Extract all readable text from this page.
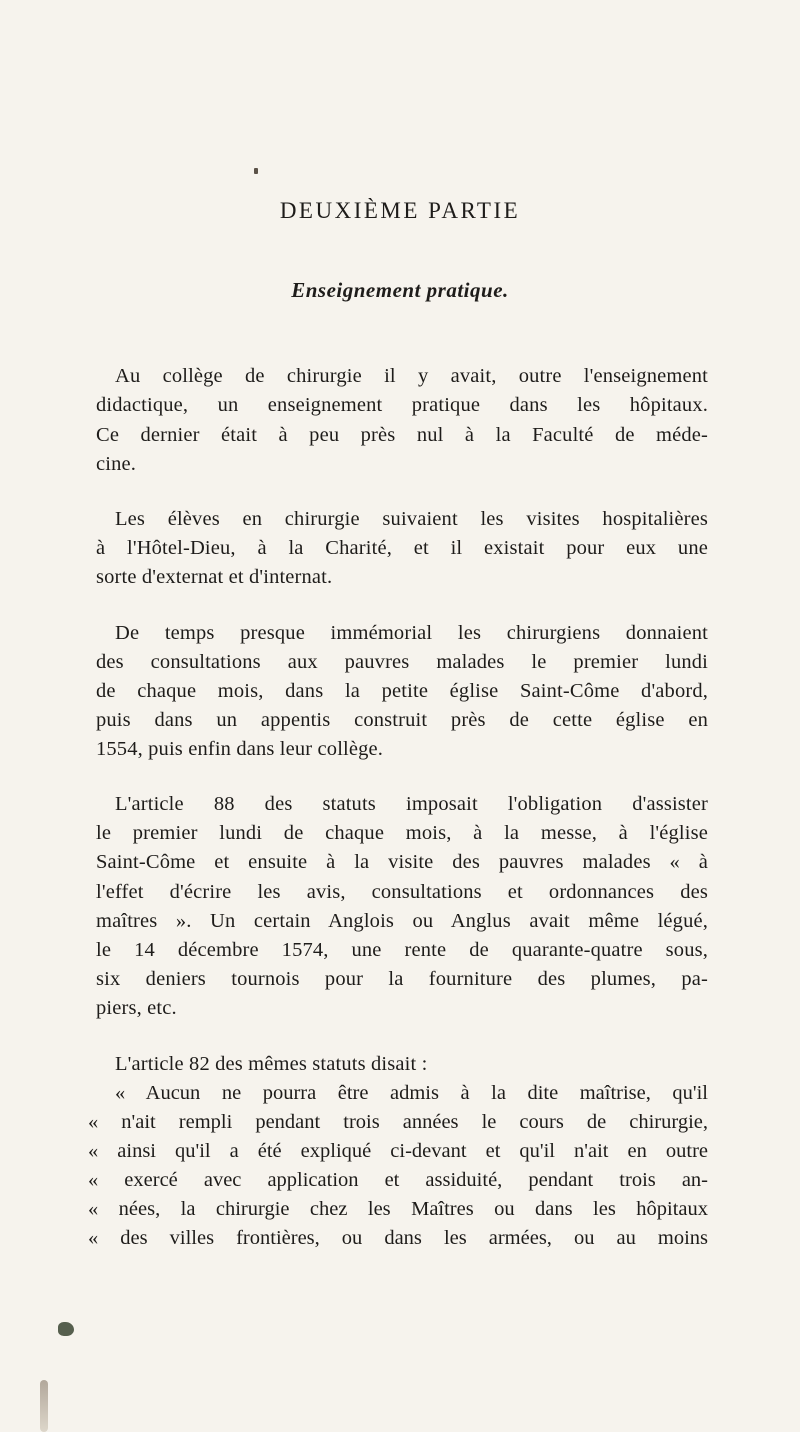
DEUXIÈME PARTIE
Enseignement pratique.
Au collège de chirurgie il y avait, outre l'enseignement
didactique, un enseignement pratique dans les hôpitaux.
Ce dernier était à peu près nul à la Faculté de méde-
cine.
Les élèves en chirurgie suivaient les visites hospitalières
à l'Hôtel-Dieu, à la Charité, et il existait pour eux une
sorte d'externat et d'internat.
De temps presque immémorial les chirurgiens donnaient
des consultations aux pauvres malades le premier lundi
de chaque mois, dans la petite église Saint-Côme d'abord,
puis dans un appentis construit près de cette église en
1554, puis enfin dans leur collège.
L'article 88 des statuts imposait l'obligation d'assister
le premier lundi de chaque mois, à la messe, à l'église
Saint-Côme et ensuite à la visite des pauvres malades « à
l'effet d'écrire les avis, consultations et ordonnances des
maîtres ». Un certain Anglois ou Anglus avait même légué,
le 14 décembre 1574, une rente de quarante-quatre sous,
six deniers tournois pour la fourniture des plumes, pa-
piers, etc.
L'article 82 des mêmes statuts disait :
« Aucun ne pourra être admis à la dite maîtrise, qu'il
« n'ait rempli pendant trois années le cours de chirurgie,
« ainsi qu'il a été expliqué ci-devant et qu'il n'ait en outre
« exercé avec application et assiduité, pendant trois an-
« nées, la chirurgie chez les Maîtres ou dans les hôpitaux
« des villes frontières, ou dans les armées, ou au moins
